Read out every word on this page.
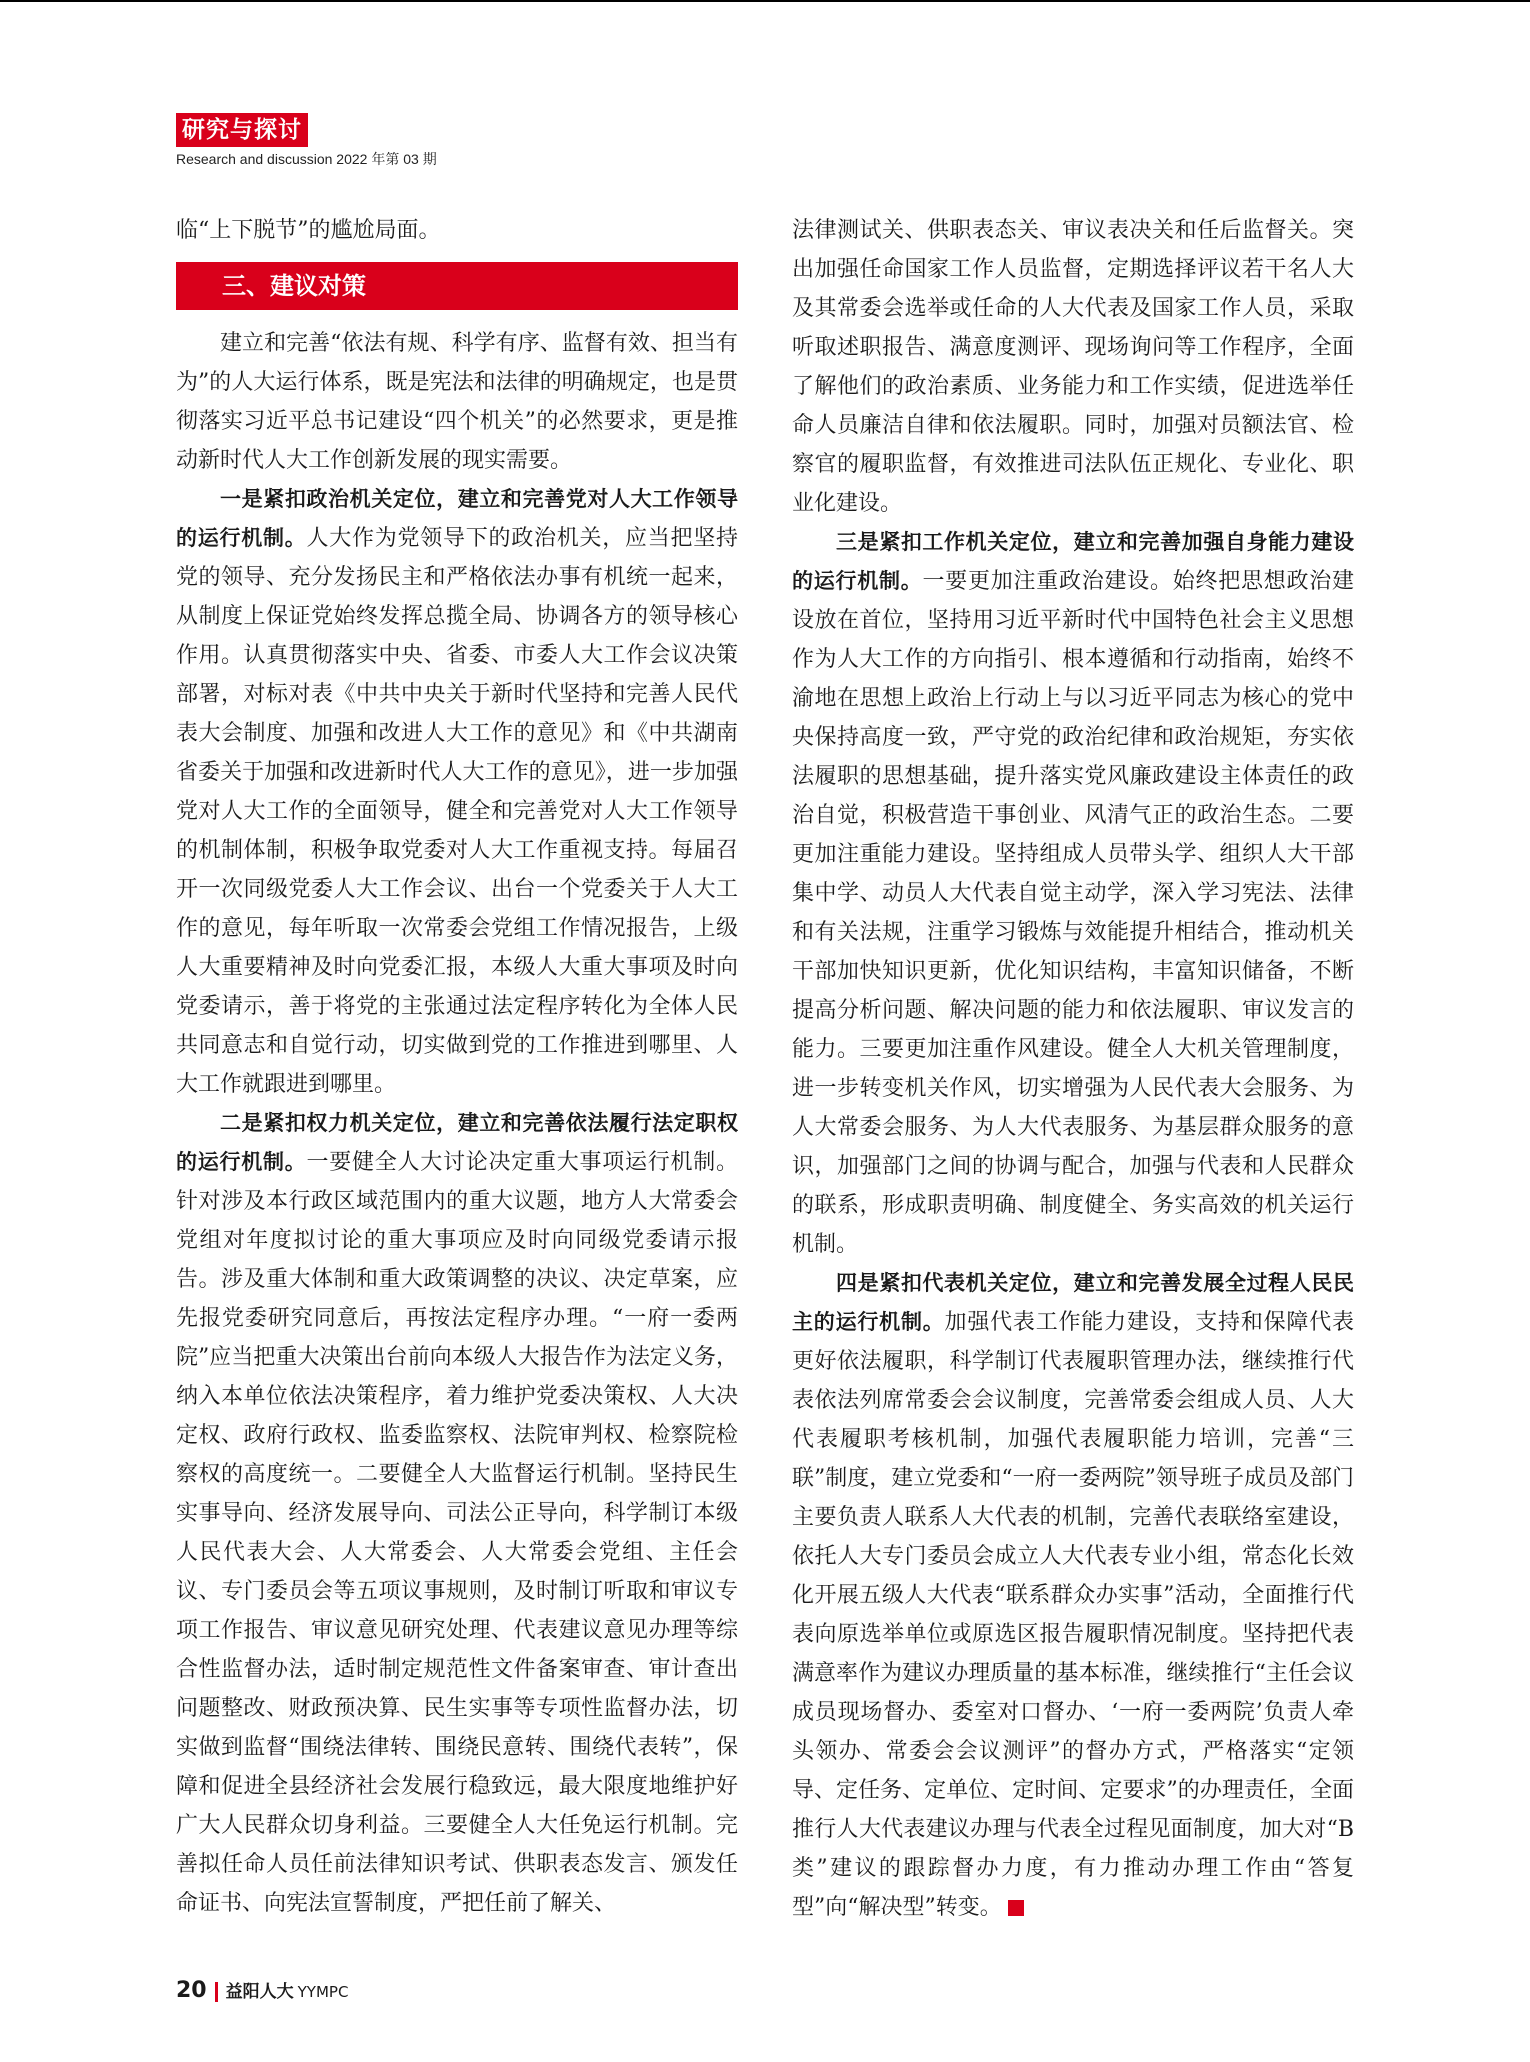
研究与探讨
Research and discussion 2022 年第 03 期

临“上下脱节”的尴尬局面。

三、建议对策

建立和完善“依法有规、科学有序、监督有效、担当有为”的人大运行体系，既是宪法和法律的明确规定，也是贯彻落实习近平总书记建设“四个机关”的必然要求，更是推动新时代人大工作创新发展的现实需要。

一是紧扣政治机关定位，建立和完善党对人大工作领导的运行机制。人大作为党领导下的政治机关，应当把坚持党的领导、充分发扬民主和严格依法办事有机统一起来，从制度上保证党始终发挥总揽全局、协调各方的领导核心作用。认真贯彻落实中央、省委、市委人大工作会议决策部署，对标对表《中共中央关于新时代坚持和完善人民代表大会制度、加强和改进人大工作的意见》和《中共湖南省委关于加强和改进新时代人大工作的意见》，进一步加强党对人大工作的全面领导，健全和完善党对人大工作领导的机制体制，积极争取党委对人大工作重视支持。每届召开一次同级党委人大工作会议、出台一个党委关于人大工作的意见，每年听取一次常委会党组工作情况报告，上级人大重要精神及时向党委汇报，本级人大重大事项及时向党委请示，善于将党的主张通过法定程序转化为全体人民共同意志和自觉行动，切实做到党的工作推进到哪里、人大工作就跟进到哪里。

二是紧扣权力机关定位，建立和完善依法履行法定职权的运行机制。一要健全人大讨论决定重大事项运行机制。针对涉及本行政区域范围内的重大议题，地方人大常委会党组对年度拟讨论的重大事项应及时向同级党委请示报告。涉及重大体制和重大政策调整的决议、决定草案，应先报党委研究同意后，再按法定程序办理。“一府一委两院”应当把重大决策出台前向本级人大报告作为法定义务，纳入本单位依法决策程序，着力维护党委决策权、人大决定权、政府行政权、监委监察权、法院审判权、检察院检察权的高度统一。二要健全人大监督运行机制。坚持民生实事导向、经济发展导向、司法公正导向，科学制订本级人民代表大会、人大常委会、人大常委会党组、主任会议、专门委员会等五项议事规则，及时制订听取和审议专项工作报告、审议意见研究处理、代表建议意见办理等综合性监督办法，适时制定规范性文件备案审查、审计查出问题整改、财政预决算、民生实事等专项性监督办法，切实做到监督“围绕法律转、围绕民意转、围绕代表转”，保障和促进全县经济社会发展行稳致远，最大限度地维护好广大人民群众切身利益。三要健全人大任免运行机制。完善拟任命人员任前法律知识考试、供职表态发言、颁发任命证书、向宪法宣誓制度，严把任前了解关、

法律测试关、供职表态关、审议表决关和任后监督关。突出加强任命国家工作人员监督，定期选择评议若干名人大及其常委会选举或任命的人大代表及国家工作人员，采取听取述职报告、满意度测评、现场询问等工作程序，全面了解他们的政治素质、业务能力和工作实绩，促进选举任命人员廉洁自律和依法履职。同时，加强对员额法官、检察官的履职监督，有效推进司法队伍正规化、专业化、职业化建设。

三是紧扣工作机关定位，建立和完善加强自身能力建设的运行机制。一要更加注重政治建设。始终把思想政治建设放在首位，坚持用习近平新时代中国特色社会主义思想作为人大工作的方向指引、根本遵循和行动指南，始终不渝地在思想上政治上行动上与以习近平同志为核心的党中央保持高度一致，严守党的政治纪律和政治规矩，夯实依法履职的思想基础，提升落实党风廉政建设主体责任的政治自觉，积极营造干事创业、风清气正的政治生态。二要更加注重能力建设。坚持组成人员带头学、组织人大干部集中学、动员人大代表自觉主动学，深入学习宪法、法律和有关法规，注重学习锻炼与效能提升相结合，推动机关干部加快知识更新，优化知识结构，丰富知识储备，不断提高分析问题、解决问题的能力和依法履职、审议发言的能力。三要更加注重作风建设。健全人大机关管理制度，进一步转变机关作风，切实增强为人民代表大会服务、为人大常委会服务、为人大代表服务、为基层群众服务的意识，加强部门之间的协调与配合，加强与代表和人民群众的联系，形成职责明确、制度健全、务实高效的机关运行机制。

四是紧扣代表机关定位，建立和完善发展全过程人民民主的运行机制。加强代表工作能力建设，支持和保障代表更好依法履职，科学制订代表履职管理办法，继续推行代表依法列席常委会会议制度，完善常委会组成人员、人大代表履职考核机制，加强代表履职能力培训，完善“三联”制度，建立党委和“一府一委两院”领导班子成员及部门主要负责人联系人大代表的机制，完善代表联络室建设，依托人大专门委员会成立人大代表专业小组，常态化长效化开展五级人大代表“联系群众办实事”活动，全面推行代表向原选举单位或原选区报告履职情况制度。坚持把代表满意率作为建议办理质量的基本标准，继续推行“主任会议成员现场督办、委室对口督办、‘一府一委两院’负责人牵头领办、常委会会议测评”的督办方式，严格落实“定领导、定任务、定单位、定时间、定要求”的办理责任，全面推行人大代表建议办理与代表全过程见面制度，加大对“B类”建议的跟踪督办力度，有力推动办理工作由“答复型”向“解决型”转变。

20 益阳人大 YYMPC
